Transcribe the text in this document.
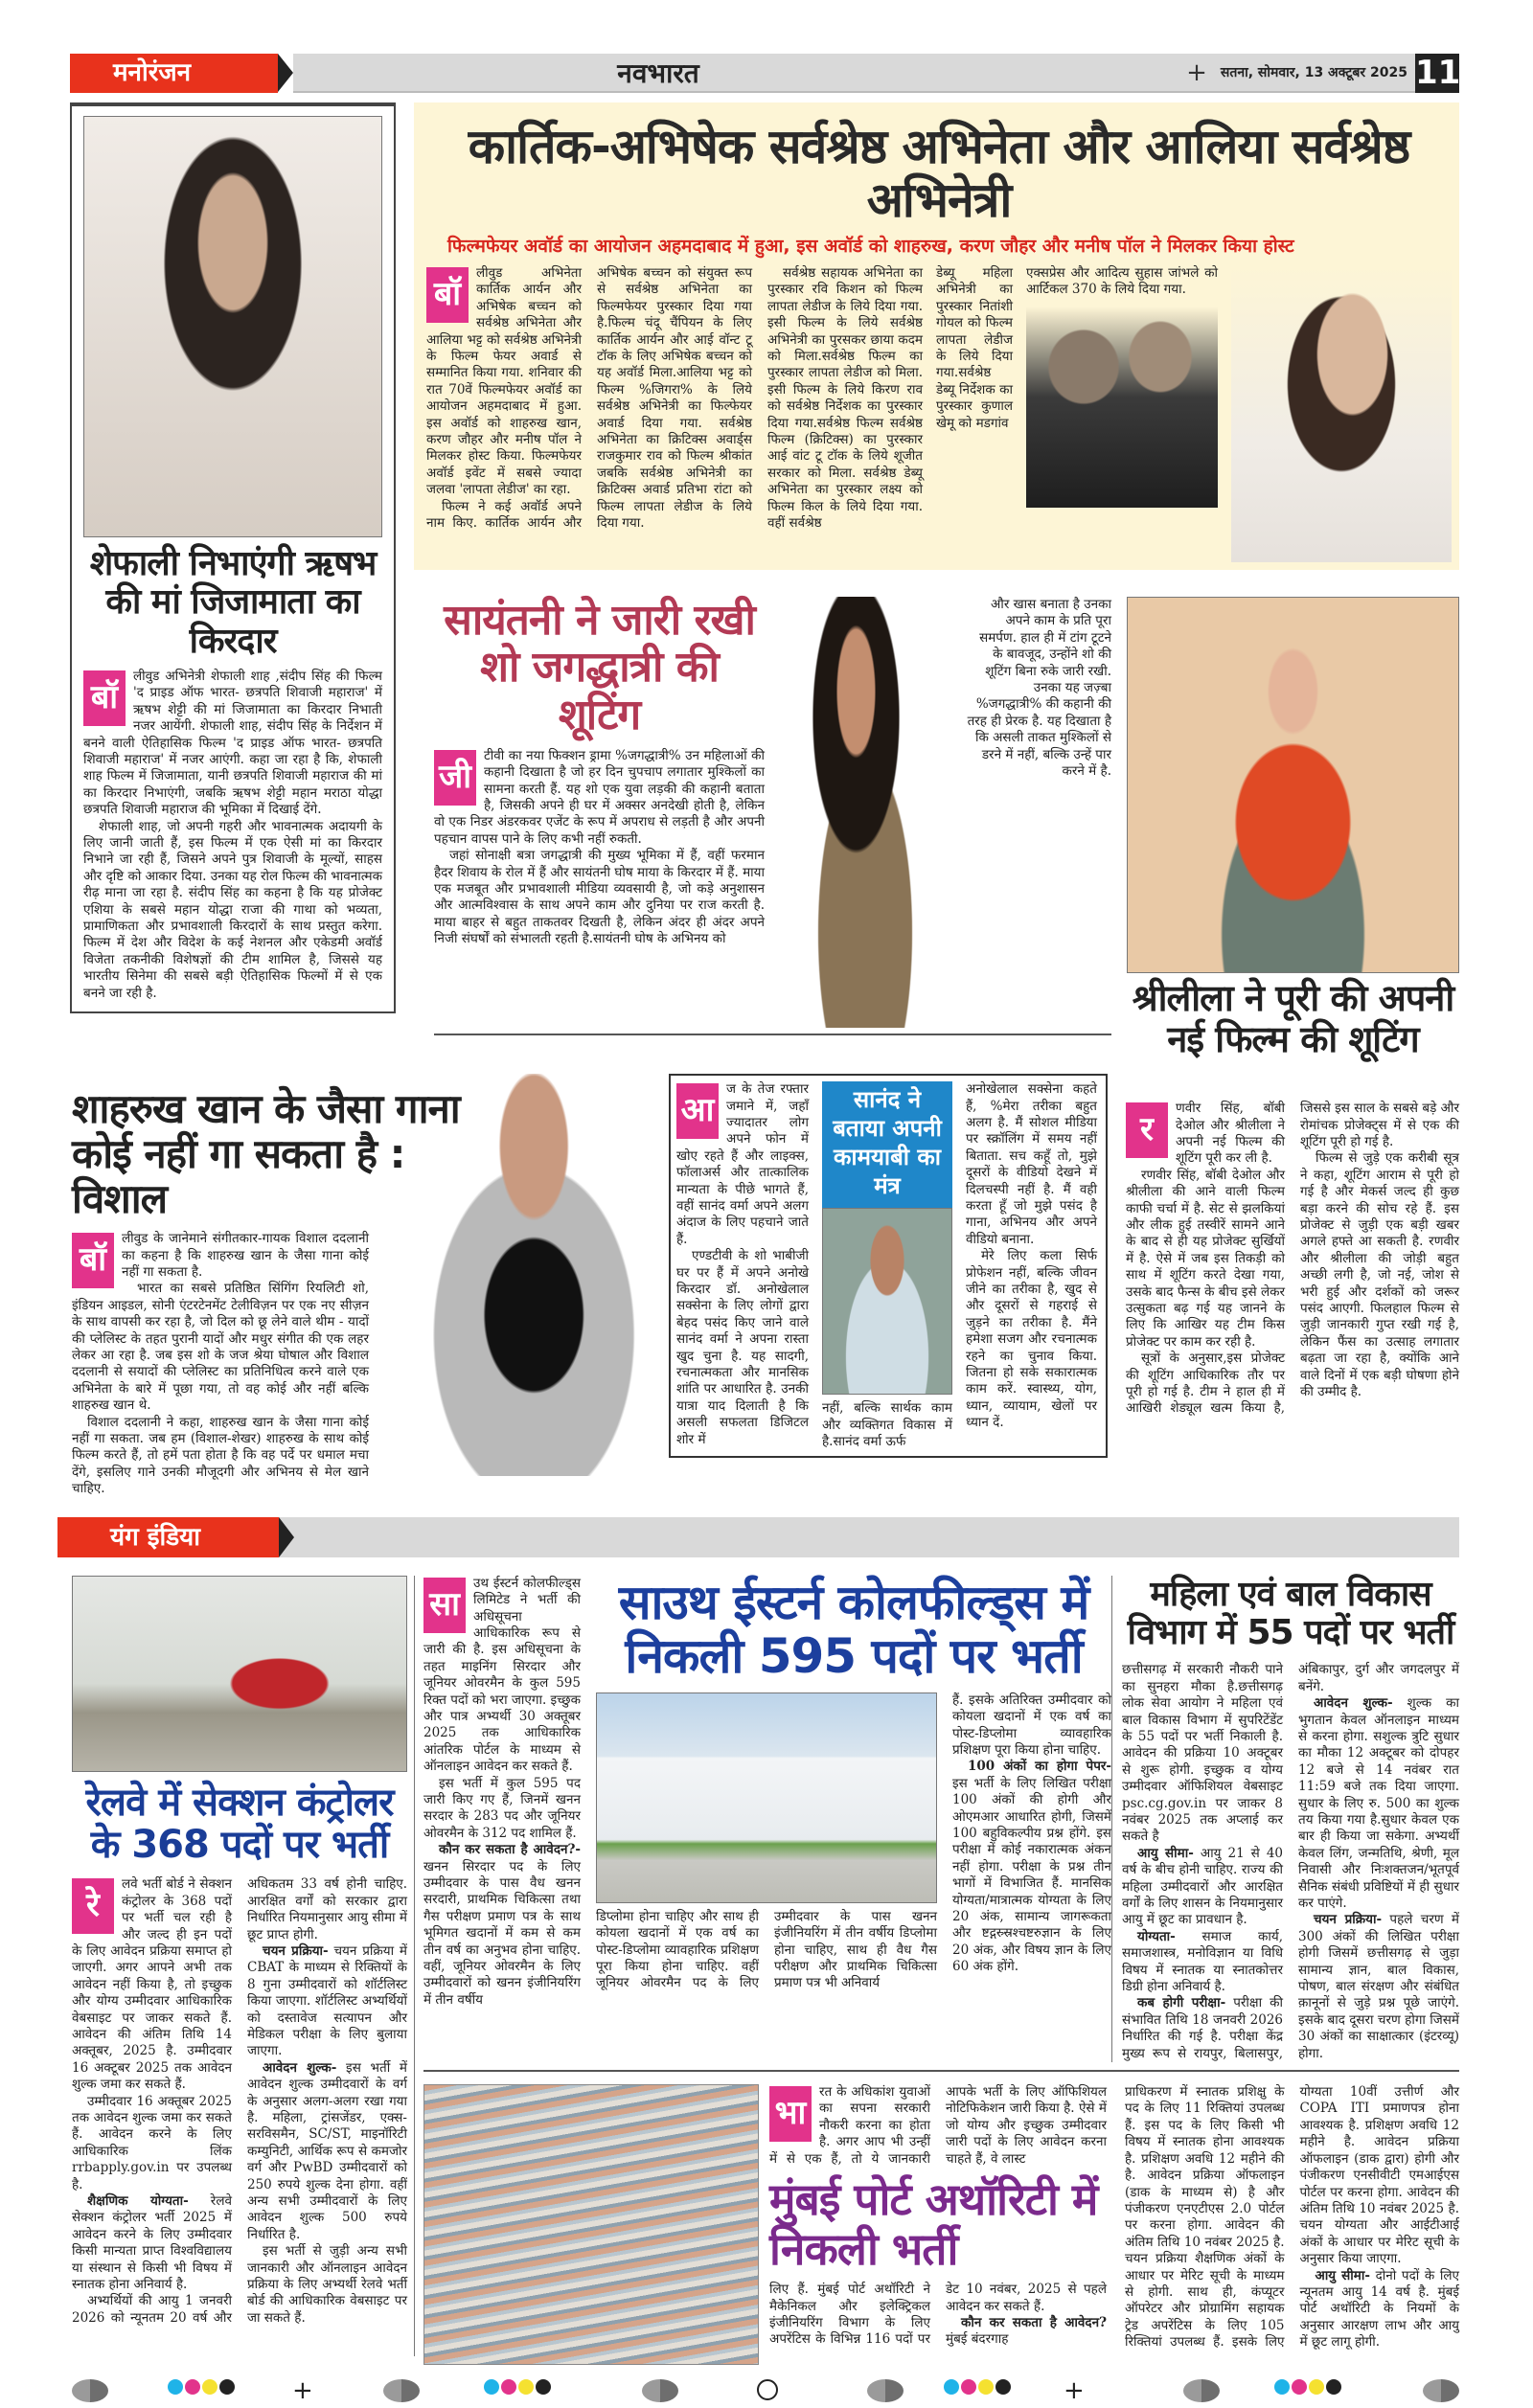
मनोरंजन	नवभारत	+ सतना, सोमवार, 13 अक्टूबर 2025 11
शेफाली निभाएंगी ऋषभ की मां जिजामाता का किरदार
बॉ

लीवुड अभिनेत्री शेफाली शाह ,संदीप सिंह की फिल्म 'द प्राइड ऑफ भारत- छत्रपति शिवाजी महाराज' में ऋषभ शेट्टी की मां जिजामाता का किरदार निभाती नजर आयेंगी. शेफाली शाह, संदीप सिंह के निर्देशन में बनने वाली ऐतिहासिक फिल्म 'द प्राइड ऑफ भारत- छत्रपति शिवाजी महाराज' में नजर आएंगी. कहा जा रहा है कि, शेफाली शाह फिल्म में जिजामाता, यानी छत्रपति शिवाजी महाराज की मां का किरदार निभाएंगी, जबकि ऋषभ शेट्टी महान मराठा योद्धा छत्रपति शिवाजी महाराज की भूमिका में दिखाई देंगे.

शेफाली शाह, जो अपनी गहरी और भावनात्मक अदायगी के लिए जानी जाती हैं, इस फिल्म में एक ऐसी मां का किरदार निभाने जा रही हैं, जिसने अपने पुत्र शिवाजी के मूल्यों, साहस और दृष्टि को आकार दिया. उनका यह रोल फिल्म की भावनात्मक रीढ़ माना जा रहा है. संदीप सिंह का कहना है कि यह प्रोजेक्ट एशिया के सबसे महान योद्धा राजा की गाथा को भव्यता, प्रामाणिकता और प्रभावशाली किरदारों के साथ प्रस्तुत करेगा. फिल्म में देश और विदेश के कई नेशनल और एकेडमी अवॉर्ड विजेता तकनीकी विशेषज्ञों की टीम शामिल है, जिससे यह भारतीय सिनेमा की सबसे बड़ी ऐतिहासिक फिल्मों में से एक बनने जा रही है.

कार्तिक-अभिषेक सर्वश्रेष्ठ अभिनेता और आलिया सर्वश्रेष्ठ अभिनेत्री
फिल्मफेयर अवॉर्ड का आयोजन अहमदाबाद में हुआ, इस अवॉर्ड को शाहरुख, करण जौहर और मनीष पॉल ने मिलकर किया होस्ट
बॉ

लीवुड अभिनेता कार्तिक आर्यन और अभिषेक बच्चन को सर्वश्रेष्ठ अभिनेता और आलिया भट्ट को सर्वश्रेष्ठ अभिनेत्री के फिल्म फेयर अवार्ड से सम्मानित किया गया. शनिवार की रात 70वें फिल्मफेयर अवॉर्ड का आयोजन अहमदाबाद में हुआ. इस अवॉर्ड को शाहरुख खान, करण जौहर और मनीष पॉल ने मिलकर होस्ट किया. फिल्मफेयर अवॉर्ड इवेंट में सबसे ज्यादा जलवा 'लापता लेडीज' का रहा.

फिल्म ने कई अवॉर्ड अपने नाम किए. कार्तिक आर्यन और अभिषेक बच्चन को संयुक्त रूप से सर्वश्रेष्ठ अभिनेता का फिल्मफेयर पुरस्कार दिया गया है.फिल्म चंदू चैंपियन के लिए कार्तिक आर्यन और आई वॉन्ट टू टॉक के लिए अभिषेक बच्चन को यह अवॉर्ड मिला.आलिया भट्ट को फिल्म %जिगरा% के लिये सर्वश्रेष्ठ अभिनेत्री का फिल्फेयर अवार्ड दिया गया. सर्वश्रेष्ठ अभिनेता का क्रिटिक्स अवार्ड्स राजकुमार राव को फिल्म श्रीकांत जबकि सर्वश्रेष्ठ अभिनेत्री का क्रिटिक्स अवार्ड प्रतिभा रांटा को फिल्म लापता लेडीज के लिये दिया गया.

सर्वश्रेष्ठ सहायक अभिनेता का पुरस्कार रवि किशन को फिल्म लापता लेडीज के लिये दिया गया. इसी फिल्म के लिये सर्वश्रेष्ठ अभिनेत्री का पुरसकर छाया कदम को मिला.सर्वश्रेष्ठ फिल्म का पुरस्कार लापता लेडीज को मिला. इसी फिल्म के लिये किरण राव को सर्वश्रेष्ठ निर्देशक का पुरस्कार दिया गया.सर्वश्रेष्ठ फिल्म सर्वश्रेष्ठ फिल्म (क्रिटिक्स) का पुरस्कार आई वांट टू टॉक के लिये शूजीत सरकार को मिला. सर्वश्रेष्ठ डेब्यू अभिनेता का पुरस्कार लक्ष्य को फिल्म किल के लिये दिया गया. वहीं सर्वश्रेष्ठ

डेब्यू महिला अभिनेत्री का पुरस्कार नितांशी गोयल को फिल्म लापता लेडीज के लिये दिया गया.सर्वश्रेष्ठ डेब्यू निर्देशक का पुरस्कार कुणाल खेमू को मडगांव

एक्सप्रेस और आदित्य सुहास जांभले को आर्टिकल 370 के लिये दिया गया.

सायंतनी ने जारी रखी शो जगद्धात्री की शूटिंग
जी

टीवी का नया फिक्शन ड्रामा %जगद्धात्री% उन महिलाओं की कहानी दिखाता है जो हर दिन चुपचाप लगातार मुश्किलों का सामना करती हैं. यह शो एक युवा लड़की की कहानी बताता है, जिसकी अपने ही घर में अक्सर अनदेखी होती है, लेकिन वो एक निडर अंडरकवर एजेंट के रूप में अपराध से लड़ती है और अपनी पहचान वापस पाने के लिए कभी नहीं रुकती.

जहां सोनाक्षी बत्रा जगद्धात्री की मुख्य भूमिका में हैं, वहीं फरमान हैदर शिवाय के रोल में हैं और सायंतनी घोष माया के किरदार में हैं. माया एक मजबूत और प्रभावशाली मीडिया व्यवसायी है, जो कड़े अनुशासन और आत्मविश्वास के साथ अपने काम और दुनिया पर राज करती है. माया बाहर से बहुत ताकतवर दिखती है, लेकिन अंदर ही अंदर अपने निजी संघर्षों को संभालती रहती है.सायंतनी घोष के अभिनय को

और खास बनाता है उनका अपने काम के प्रति पूरा समर्पण. हाल ही में टांग टूटने के बावजूद, उन्होंने शो की शूटिंग बिना रुके जारी रखी. उनका यह जज़्बा %जगद्धात्री% की कहानी की तरह ही प्रेरक है. यह दिखाता है कि असली ताकत मुश्किलों से डरने में नहीं, बल्कि उन्हें पार करने में है.

श्रीलीला ने पूरी की अपनी नई फिल्म की शूटिंग
शाहरुख खान के जैसा गाना कोई नहीं गा सकता है : विशाल
बॉ

लीवुड के जानेमाने संगीतकार-गायक विशाल ददलानी का कहना है कि शाहरुख खान के जैसा गाना कोई नहीं गा सकता है.

भारत का सबसे प्रतिष्ठित सिंगिंग रियलिटी शो, इंडियन आइडल, सोनी एंटरटेनमेंट टेलीविज़न पर एक नए सीज़न के साथ वापसी कर रहा है, जो दिल को छू लेने वाले थीम - यादों की प्लेलिस्ट के तहत पुरानी यादों और मधुर संगीत की एक लहर लेकर आ रहा है. जब इस शो के जज श्रेया घोषाल और विशाल ददलानी से सयादों की प्लेलिस्ट का प्रतिनिधित्व करने वाले एक अभिनेता के बारे में पूछा गया, तो वह कोई और नहीं बल्कि शाहरुख खान थे.

विशाल ददलानी ने कहा, शाहरुख खान के जैसा गाना कोई नहीं गा सकता. जब हम (विशाल-शेखर) शाहरुख के साथ कोई फिल्म करते हैं, तो हमें पता होता है कि वह पर्दे पर धमाल मचा देंगे, इसलिए गाने उनकी मौजूदगी और अभिनय से मेल खाने चाहिए.

आ

ज के तेज रफ्तार जमाने में, जहाँ ज्यादातर लोग अपने फोन में खोए रहते हैं और लाइक्स, फॉलाअर्स और तात्कालिक मान्यता के पीछे भागते हैं, वहीं सानंद वर्मा अपने अलग अंदाज के लिए पहचाने जाते हैं.

एण्डटीवी के शो भाबीजी घर पर हैं में अपने अनोखे किरदार डॉ. अनोखेलाल सक्सेना के लिए लोगों द्वारा बेहद पसंद किए जाने वाले सानंद वर्मा ने अपना रास्ता खुद चुना है. यह सादगी, रचनात्मकता और मानसिक शांति पर आधारित है. उनकी यात्रा याद दिलाती है कि असली सफलता डिजिटल शोर में

सानंद ने बताया अपनी कामयाबी का मंत्र

नहीं, बल्कि सार्थक काम और व्यक्तिगत विकास में है.सानंद वर्मा ऊर्फ

अनोखेलाल सक्सेना कहते हैं, %मेरा तरीका बहुत अलग है. मैं सोशल मीडिया पर स्क्रॉलिंग में समय नहीं बिताता. सच कहूँ तो, मुझे दूसरों के वीडियो देखने में दिलचस्पी नहीं है. मैं वही करता हूँ जो मुझे पसंद है गाना, अभिनय और अपने वीडियो बनाना.

मेरे लिए कला सिर्फ प्रोफेशन नहीं, बल्कि जीवन जीने का तरीका है, खुद से और दूसरों से गहराई से जुड़ने का तरीका है. मैंने हमेशा सजग और रचनात्मक रहने का चुनाव किया. जितना हो सके सकारात्मक काम करें. स्वास्थ्य, योग, ध्यान, व्यायाम, खेलों पर ध्यान दें.

र

णवीर सिंह, बॉबी देओल और श्रीलीला ने अपनी नई फिल्म की शूटिंग पूरी कर ली है.

रणवीर सिंह, बॉबी देओल और श्रीलीला की आने वाली फिल्म काफी चर्चा में है. सेट से झलकियां और लीक हुई तस्वीरें सामने आने के बाद से ही यह प्रोजेक्ट सुर्खियों में है. ऐसे में जब इस तिकड़ी को साथ में शूटिंग करते देखा गया, उसके बाद फैन्स के बीच इसे लेकर उत्सुकता बढ़ गई यह जानने के लिए कि आखिर यह टीम किस प्रोजेक्ट पर काम कर रही है.

सूत्रों के अनुसार,इस प्रोजेक्ट की शूटिंग आधिकारिक तौर पर पूरी हो गई है. टीम ने हाल ही में आखिरी शेड्यूल खत्म किया है, जिससे इस साल के सबसे बड़े और रोमांचक प्रोजेक्ट्स में से एक की शूटिंग पूरी हो गई है.

फिल्म से जुड़े एक करीबी सूत्र ने कहा, शूटिंग आराम से पूरी हो गई है और मेकर्स जल्द ही कुछ बड़ा करने की सोच रहे हैं. इस प्रोजेक्ट से जुड़ी एक बड़ी खबर अगले हफ्ते आ सकती है. रणवीर और श्रीलीला की जोड़ी बहुत अच्छी लगी है, जो नई, जोश से भरी हुई और दर्शकों को जरूर पसंद आएगी. फिलहाल फिल्म से जुड़ी जानकारी गुप्त रखी गई है, लेकिन फैंस का उत्साह लगातार बढ़ता जा रहा है, क्योंकि आने वाले दिनों में एक बड़ी घोषणा होने की उम्मीद है.

यंग इंडिया
रेलवे में सेक्शन कंट्रोलर के 368 पदों पर भर्ती
रे

लवे भर्ती बोर्ड ने सेक्शन कंट्रोलर के 368 पदों पर भर्ती चल रही है और जल्द ही इन पदों के लिए आवेदन प्रक्रिया समाप्त हो जाएगी. अगर आपने अभी तक आवेदन नहीं किया है, तो इच्छुक और योग्य उम्मीदवार आधिकारिक वेबसाइट पर जाकर सकते हैं. आवेदन की अंतिम तिथि 14 अक्तूबर, 2025 है. उम्मीदवार 16 अक्टूबर 2025 तक आवेदन शुल्क जमा कर सकते हैं.

उम्मीदवार 16 अक्तूबर 2025 तक आवेदन शुल्क जमा कर सकते हैं. आवेदन करने के लिए आधिकारिक लिंक rrbapply.gov.in पर उपलब्ध है.

शैक्षणिक योग्यता- रेलवे सेक्शन कंट्रोलर भर्ती 2025 में आवेदन करने के लिए उम्मीदवार किसी मान्यता प्राप्त विश्वविद्यालय या संस्थान से किसी भी विषय में स्नातक होना अनिवार्य है.

अभ्यर्थियों की आयु 1 जनवरी 2026 को न्यूनतम 20 वर्ष और अधिकतम 33 वर्ष होनी चाहिए. आरक्षित वर्गों को सरकार द्वारा निर्धारित नियमानुसार आयु सीमा में छूट प्राप्त होगी.

चयन प्रक्रिया- चयन प्रक्रिया में CBAT के माध्यम से रिक्तियों के 8 गुना उम्मीदवारों को शॉर्टलिस्ट किया जाएगा. शॉर्टलिस्ट अभ्यर्थियों को दस्तावेज सत्यापन और मेडिकल परीक्षा के लिए बुलाया जाएगा.

आवेदन शुल्क- इस भर्ती में आवेदन शुल्क उम्मीदवारों के वर्ग के अनुसार अलग-अलग रखा गया है. महिला, ट्रांसजेंडर, एक्स-सरविसमैन, SC/ST, माइनॉरिटी कम्युनिटी, आर्थिक रूप से कमजोर वर्ग और PwBD उम्मीदवारों को 250 रुपये शुल्क देना होगा. वहीं अन्य सभी उम्मीदवारों के लिए आवेदन शुल्क 500 रुपये निर्धारित है.

इस भर्ती से जुड़ी अन्य सभी जानकारी और ऑनलाइन आवेदन प्रक्रिया के लिए अभ्यर्थी रेलवे भर्ती बोर्ड की आधिकारिक वेबसाइट पर जा सकते हैं.

सा

उथ ईस्टर्न कोलफील्ड्स लिमिटेड ने भर्ती की अधिसूचना आधिकारिक रूप से जारी की है. इस अधिसूचना के तहत माइनिंग सिरदार और जूनियर ओवरमैन के कुल 595 रिक्त पदों को भरा जाएगा. इच्छुक और पात्र अभ्यर्थी 30 अक्तूबर 2025 तक आधिकारिक आंतरिक पोर्टल के माध्यम से ऑनलाइन आवेदन कर सकते हैं.

इस भर्ती में कुल 595 पद जारी किए गए हैं, जिनमें खनन सरदार के 283 पद और जूनियर ओवरमैन के 312 पद शामिल हैं.

कौन कर सकता है आवेदन?- खनन सिरदार पद के लिए उम्मीदवार के पास वैध खनन सरदारी, प्राथमिक चिकित्सा तथा गैस परीक्षण प्रमाण पत्र के साथ भूमिगत खदानों में कम से कम तीन वर्ष का अनुभव होना चाहिए. वहीं, जूनियर ओवरमैन के लिए उम्मीदवारों को खनन इंजीनियरिंग में तीन वर्षीय

साउथ ईस्टर्न कोलफील्ड्स में निकली 595 पदों पर भर्ती

डिप्लोमा होना चाहिए और साथ ही कोयला खदानों में एक वर्ष का पोस्ट-डिप्लोमा व्यावहारिक प्रशिक्षण पूरा किया होना चाहिए. वहीं जूनियर ओवरमैन पद के लिए उम्मीदवार के पास खनन इंजीनियरिंग में तीन वर्षीय डिप्लोमा होना चाहिए, साथ ही वैध गैस परीक्षण और प्राथमिक चिकित्सा प्रमाण पत्र भी अनिवार्य

हैं. इसके अतिरिक्त उम्मीदवार को कोयला खदानों में एक वर्ष का पोस्ट-डिप्लोमा व्यावहारिक प्रशिक्षण पूरा किया होना चाहिए.

100 अंकों का होगा पेपर- इस भर्ती के लिए लिखित परीक्षा 100 अंकों की होगी और ओएमआर आधारित होगी, जिसमें 100 बहुविकल्पीय प्रश्न होंगे. इस परीक्षा में कोई नकारात्मक अंकन नहीं होगा. परीक्षा के प्रश्न तीन भागों में विभाजित हैं. मानसिक योग्यता/मात्रात्मक योग्यता के लिए 20 अंक, सामान्य जागरूकता और ष्टद्गस्र्स्रश्चष्टरुज्ञान के लिए 20 अंक, और विषय ज्ञान के लिए 60 अंक होंगे.

महिला एवं बाल विकास विभाग में 55 पदों पर भर्ती

छत्तीसगढ़ में सरकारी नौकरी पाने का सुनहरा मौका है.छत्तीसगढ़ लोक सेवा आयोग ने महिला एवं बाल विकास विभाग में सुपरिटेंडेंट के 55 पदों पर भर्ती निकाली है. आवेदन की प्रक्रिया 10 अक्टूबर से शुरू होगी. इच्छुक व योग्य उम्मीदवार ऑफिशियल वेबसाइट psc.cg.gov.in पर जाकर 8 नवंबर 2025 तक अप्लाई कर सकते है

आयु सीमा- आयु 21 से 40 वर्ष के बीच होनी चाहिए. राज्य की महिला उम्मीदवारों और आरक्षित वर्गों के लिए शासन के नियमानुसार आयु में छूट का प्रावधान है.

योग्यता- समाज कार्य, समाजशास्त्र, मनोविज्ञान या विधि विषय में स्नातक या स्नातकोत्तर डिग्री होना अनिवार्य है.

कब होगी परीक्षा- परीक्षा की संभावित तिथि 18 जनवरी 2026 निर्धारित की गई है. परीक्षा केंद्र मुख्य रूप से रायपुर, बिलासपुर, अंबिकापुर, दुर्ग और जगदलपुर में बनेंगे.

आवेदन शुल्क- शुल्क का भुगतान केवल ऑनलाइन माध्यम से करना होगा. सशुल्क त्रुटि सुधार का मौका 12 अक्टूबर को दोपहर 12 बजे से 14 नवंबर रात 11:59 बजे तक दिया जाएगा. सुधार के लिए रु. 500 का शुल्क तय किया गया है.सुधार केवल एक बार ही किया जा सकेगा. अभ्यर्थी केवल लिंग, जन्मतिथि, श्रेणी, मूल निवासी और निःशक्तजन/भूतपूर्व सैनिक संबंधी प्रविष्टियों में ही सुधार कर पाएंगे.

चयन प्रक्रिया- पहले चरण में 300 अंकों की लिखित परीक्षा होगी जिसमें छत्तीसगढ़ से जुड़ा सामान्य ज्ञान, बाल विकास, पोषण, बाल संरक्षण और संबंधित क़ानूनों से जुड़े प्रश्न पूछे जाएंगे. इसके बाद दूसरा चरण होगा जिसमें 30 अंकों का साक्षात्कार (इंटरव्यू) होगा.

भा

रत के अधिकांश युवाओं का सपना सरकारी नौकरी करना का होता है. अगर आप भी उन्हीं में से एक हैं, तो ये जानकारी आपके भर्ती के लिए ऑफिशियल नोटिफिकेशन जारी किया है. ऐसे में जो योग्य और इच्छुक उम्मीदवार जारी पदों के लिए आवेदन करना चाहते हैं, वे लास्ट

मुंबई पोर्ट अथॉरिटी में निकली भर्ती

लिए हैं. मुंबई पोर्ट अथॉरिटी ने मैकेनिकल और इलेक्ट्रिकल इंजीनियरिंग विभाग के लिए अपरेंटिस के विभिन्न 116 पदों पर डेट 10 नवंबर, 2025 से पहले आवेदन कर सकते हैं.

कौन कर सकता है आवेदन? मुंबई बंदरगाह

प्राधिकरण में स्नातक प्रशिक्षु के पद के लिए 11 रिक्तियां उपलब्ध हैं. इस पद के लिए किसी भी विषय में स्नातक होना आवश्यक है. प्रशिक्षण अवधि 12 महीने की है. आवेदन प्रक्रिया ऑफलाइन (डाक के माध्यम से) है और पंजीकरण एनएटीएस 2.0 पोर्टल पर करना होगा. आवेदन की अंतिम तिथि 10 नवंबर 2025 है. चयन प्रक्रिया शैक्षणिक अंकों के आधार पर मेरिट सूची के माध्यम से होगी. साथ ही, कंप्यूटर ऑपरेटर और प्रोग्रामिंग सहायक ट्रेड अपरेंटिस के लिए 105 रिक्तियां उपलब्ध हैं. इसके लिए योग्यता 10वीं उत्तीर्ण और COPA ITI प्रमाणपत्र होना आवश्यक है. प्रशिक्षण अवधि 12 महीने है. आवेदन प्रक्रिया ऑफलाइन (डाक द्वारा) होगी और पंजीकरण एनसीवीटी एमआईएस पोर्टल पर करना होगा. आवेदन की अंतिम तिथि 10 नवंबर 2025 है. चयन योग्यता और आईटीआई अंकों के आधार पर मेरिट सूची के अनुसार किया जाएगा.

आयु सीमा- दोनो पदों के लिए न्यूनतम आयु 14 वर्ष है. मुंबई पोर्ट अथॉरिटी के नियमों के अनुसार आरक्षण लाभ और आयु में छूट लागू होगी.

+	+
